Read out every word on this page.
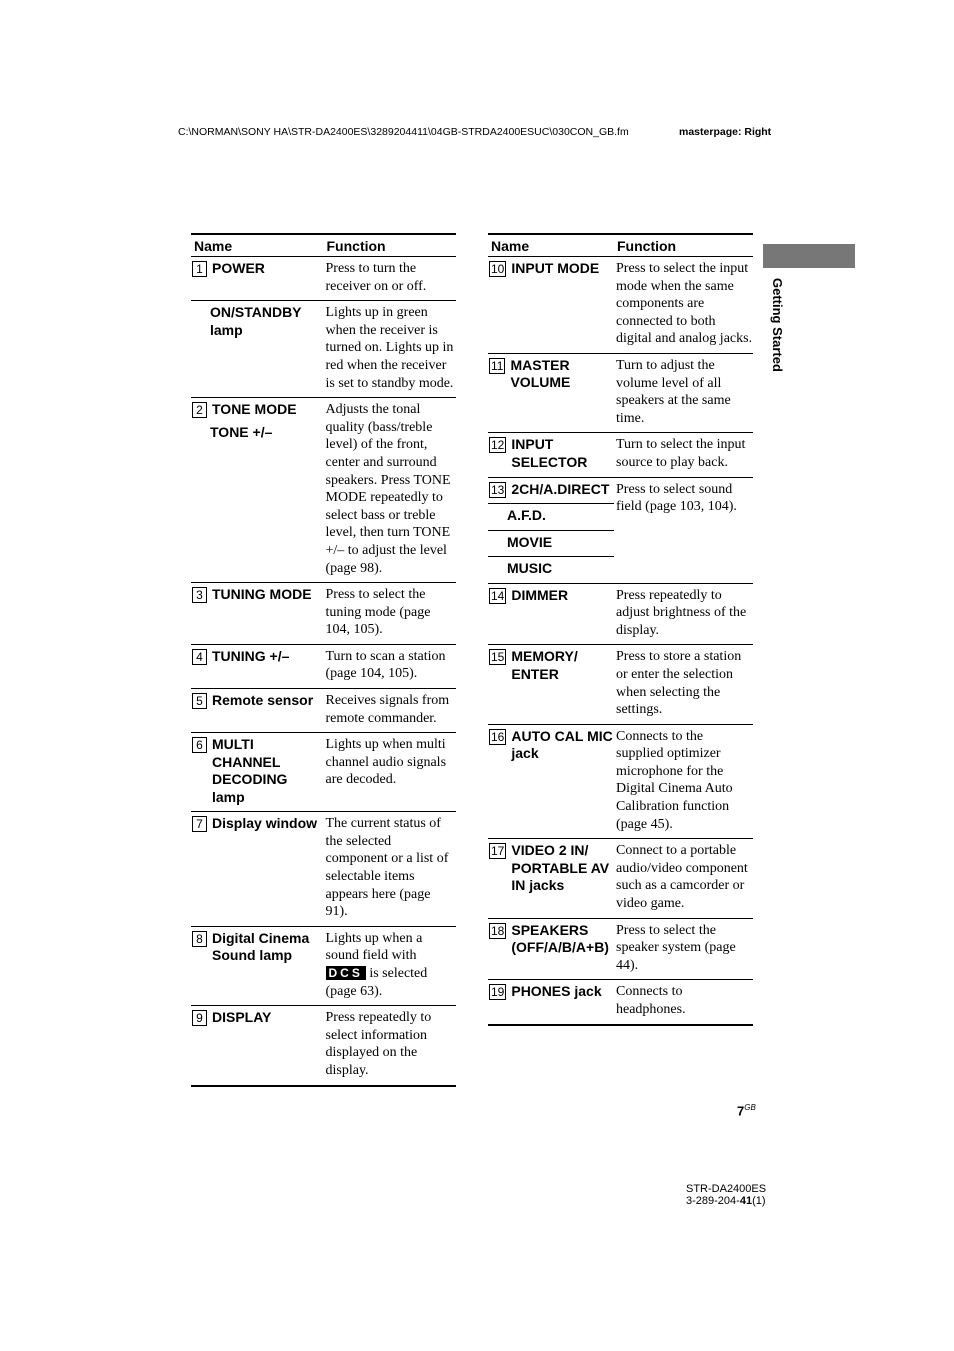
C:\NORMAN\SONY HA\STR-DA2400ES\3289204411\04GB-STRDA2400ESUC\030CON_GB.fm	masterpage: Right
Name	Function

1 POWER	Press to turn the receiver on or off.

ON/STANDBY lamp	Lights up in green when the receiver is turned on. Lights up in red when the receiver is set to standby mode.

2 TONE MODE
TONE +/–	Adjusts the tonal quality (bass/treble level) of the front, center and surround speakers. Press TONE MODE repeatedly to select bass or treble level, then turn TONE +/– to adjust the level (page 98).

3 TUNING MODE	Press to select the tuning mode (page 104, 105).

4 TUNING +/–	Turn to scan a station (page 104, 105).

5 Remote sensor	Receives signals from remote commander.

6 MULTI CHANNEL DECODING lamp	Lights up when multi channel audio signals are decoded.

7 Display window	The current status of the selected component or a list of selectable items appears here (page 91).

8 Digital Cinema Sound lamp	Lights up when a sound field with DCS is selected (page 63).

9 DISPLAY	Press repeatedly to select information displayed on the display.
Name	Function

10 INPUT MODE	Press to select the input mode when the same components are connected to both digital and analog jacks.

11 MASTER VOLUME	Turn to adjust the volume level of all speakers at the same time.

12 INPUT SELECTOR	Turn to select the input source to play back.

13 2CH/A.DIRECT	Press to select sound field (page 103, 104).

A.F.D.	

MOVIE	

MUSIC	

14 DIMMER	Press repeatedly to adjust brightness of the display.

15 MEMORY/ ENTER	Press to store a station or enter the selection when selecting the settings.

16 AUTO CAL MIC jack	Connects to the supplied optimizer microphone for the Digital Cinema Auto Calibration function (page 45).

17 VIDEO 2 IN/ PORTABLE AV IN jacks	Connect to a portable audio/video component such as a camcorder or video game.

18 SPEAKERS (OFF/A/B/A+B)	Press to select the speaker system (page 44).

19 PHONES jack	Connects to headphones.
Getting Started
$7^{GB}$
STR-DA2400ES
3-289-204-41(1)
